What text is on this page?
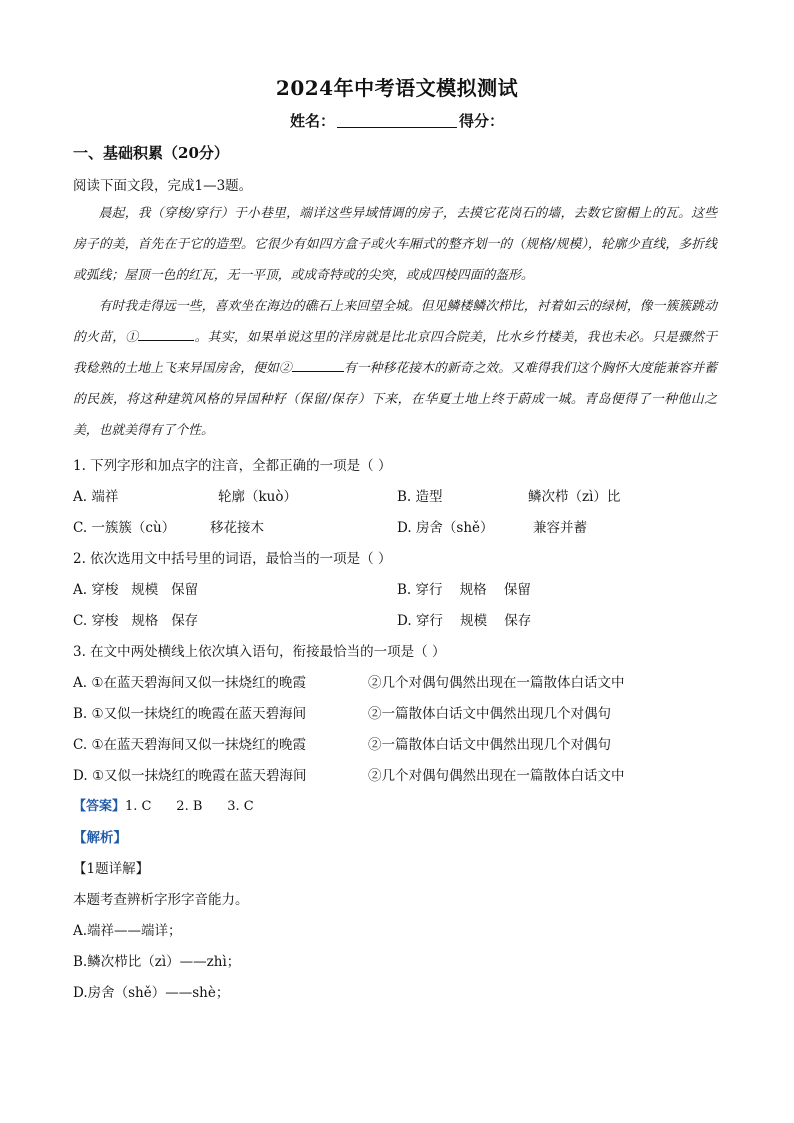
2024年中考语文模拟测试
姓名：	得分：
一、基础积累（20分）
阅读下面文段，完成1—3题。

晨起，我（穿梭/穿行）于小巷里，端详这些异域情调的房子，去摸它花岗石的墙，去数它窗楣上的瓦。这些房子的美，首先在于它的造型。它很少有如四方盒子或火车厢式的整齐划一的（规格/规模），轮廓少直线，多折线或弧线；屋顶一色的红瓦，无一平顶，或成奇特或的尖突，或成四棱四面的盔形。

有时我走得远一些，喜欢坐在海边的礁石上来回望全城。但见鳞楼鳞次栉比，衬着如云的绿树，像一簇簇跳动的火苗，①	。其实，如果单说这里的洋房就是比北京四合院美，比水乡竹楼美，我也未必。只是骤然于我稔熟的土地上飞来异国房舍，便如②	有一种移花接木的新奇之效。又难得我们这个胸怀大度能兼容并蓄的民族，将这种建筑风格的异国种籽（保留/保存）下来，在华夏土地上终于蔚成一城。青岛便得了一种他山之美，也就美得有了个性。

1. 下列字形和加点字的注音，全都正确的一项是（ ）
A. 端祥	轮廓（kuò）	B. 造型	鳞次栉（zì）比
C. 一簇簇（cù）	移花接木	D. 房舍（shě）	兼容并蓄
2. 依次选用文中括号里的词语，最恰当的一项是（ ）
A. 穿梭 规模 保留	B. 穿行 规格 保留
C. 穿梭 规格 保存	D. 穿行 规模 保存
3. 在文中两处横线上依次填入语句，衔接最恰当的一项是（ ）
A. ①在蓝天碧海间又似一抹烧红的晚霞	②几个对偶句偶然出现在一篇散体白话文中
B. ①又似一抹烧红的晚霞在蓝天碧海间	②一篇散体白话文中偶然出现几个对偶句
C. ①在蓝天碧海间又似一抹烧红的晚霞	②一篇散体白话文中偶然出现几个对偶句
D. ①又似一抹烧红的晚霞在蓝天碧海间	②几个对偶句偶然出现在一篇散体白话文中
【答案】1. C 2. B 3. C
【解析】
【1题详解】
本题考查辨析字形字音能力。
A.端祥——端详；
B.鳞次栉比（zì）——zhì；
D.房舍（shě）——shè；
